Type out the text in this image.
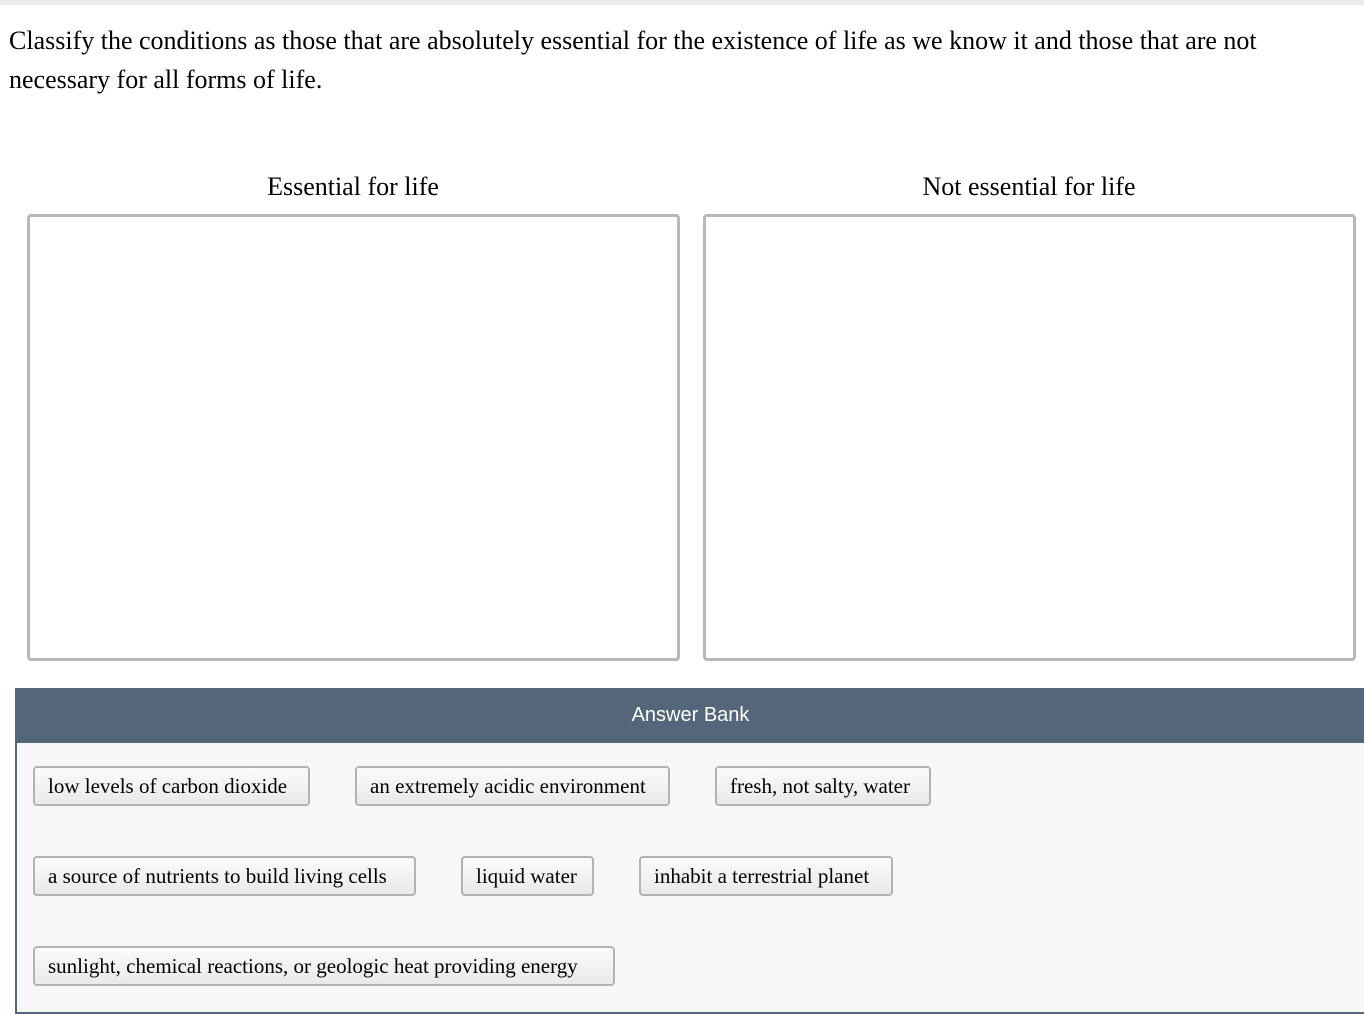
Classify the conditions as those that are absolutely essential for the existence of life as we know it and those that are not necessary for all forms of life.

Essential for life	Not essential for life
Answer Bank
low levels of carbon dioxide	an extremely acidic environment	fresh, not salty, water
a source of nutrients to build living cells	liquid water	inhabit a terrestrial planet
sunlight, chemical reactions, or geologic heat providing energy
